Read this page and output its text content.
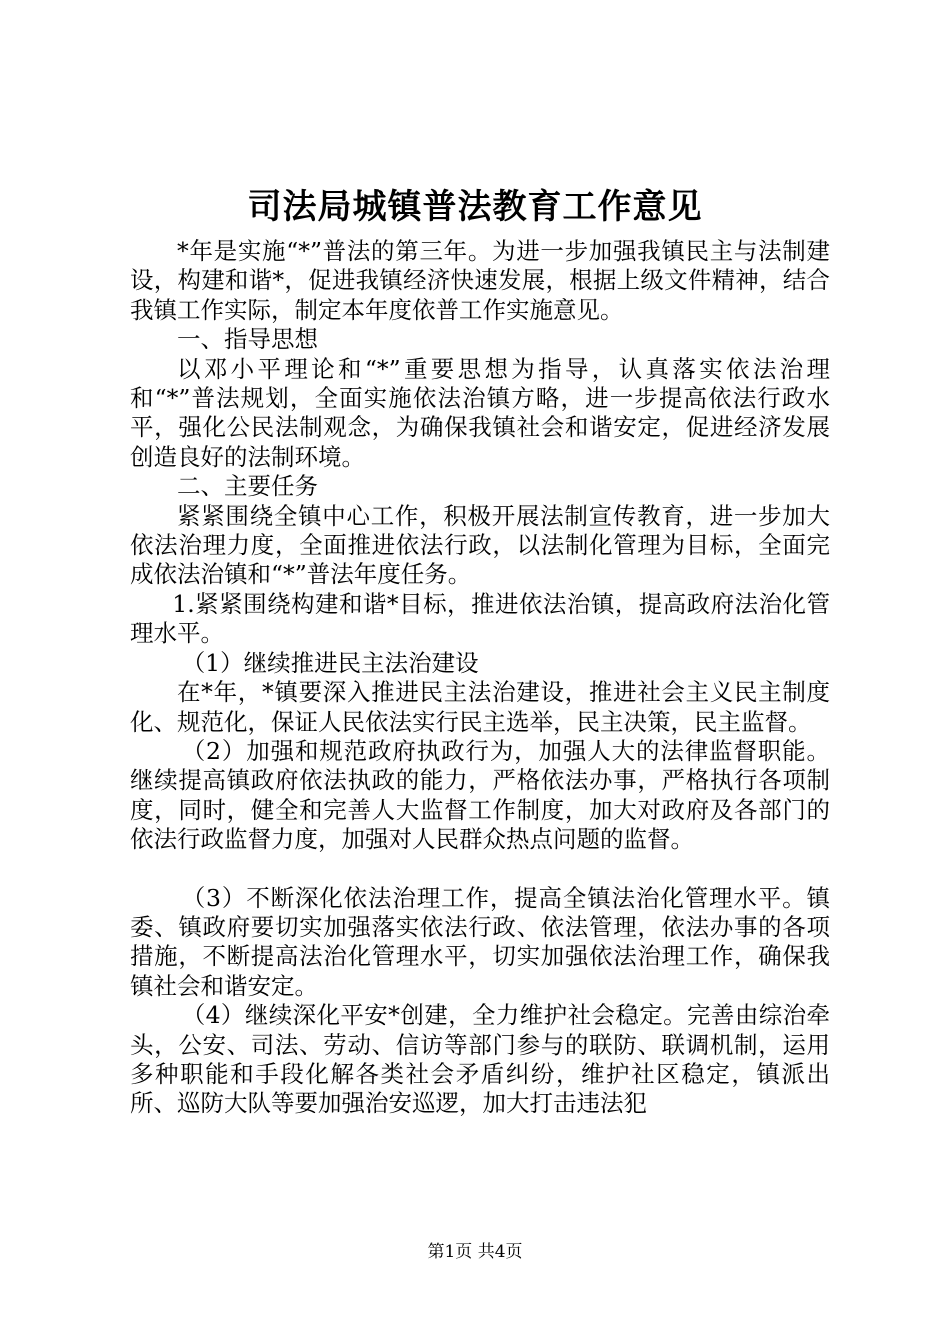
司法局城镇普法教育工作意见

*年是实施“*”普法的第三年。为进一步加强我镇民主与法制建设，构建和谐*，促进我镇经济快速发展，根据上级文件精神，结合我镇工作实际，制定本年度依普工作实施意见。

一、指导思想

以邓小平理论和“*”重要思想为指导，认真落实依法治理和“*”普法规划，全面实施依法治镇方略，进一步提高依法行政水平，强化公民法制观念，为确保我镇社会和谐安定，促进经济发展创造良好的法制环境。

二、主要任务

紧紧围绕全镇中心工作，积极开展法制宣传教育，进一步加大依法治理力度，全面推进依法行政，以法制化管理为目标，全面完成依法治镇和“*”普法年度任务。

1.紧紧围绕构建和谐*目标，推进依法治镇，提高政府法治化管理水平。

（1）继续推进民主法治建设

在*年，*镇要深入推进民主法治建设，推进社会主义民主制度化、规范化，保证人民依法实行民主选举，民主决策，民主监督。

（2）加强和规范政府执政行为，加强人大的法律监督职能。继续提高镇政府依法执政的能力，严格依法办事，严格执行各项制度，同时，健全和完善人大监督工作制度，加大对政府及各部门的依法行政监督力度，加强对人民群众热点问题的监督。

（3）不断深化依法治理工作，提高全镇法治化管理水平。镇委、镇政府要切实加强落实依法行政、依法管理，依法办事的各项措施，不断提高法治化管理水平，切实加强依法治理工作，确保我镇社会和谐安定。

（4）继续深化平安*创建，全力维护社会稳定。完善由综治牵头，公安、司法、劳动、信访等部门参与的联防、联调机制，运用多种职能和手段化解各类社会矛盾纠纷，维护社区稳定，镇派出所、巡防大队等要加强治安巡逻，加大打击违法犯

第1页 共4页
